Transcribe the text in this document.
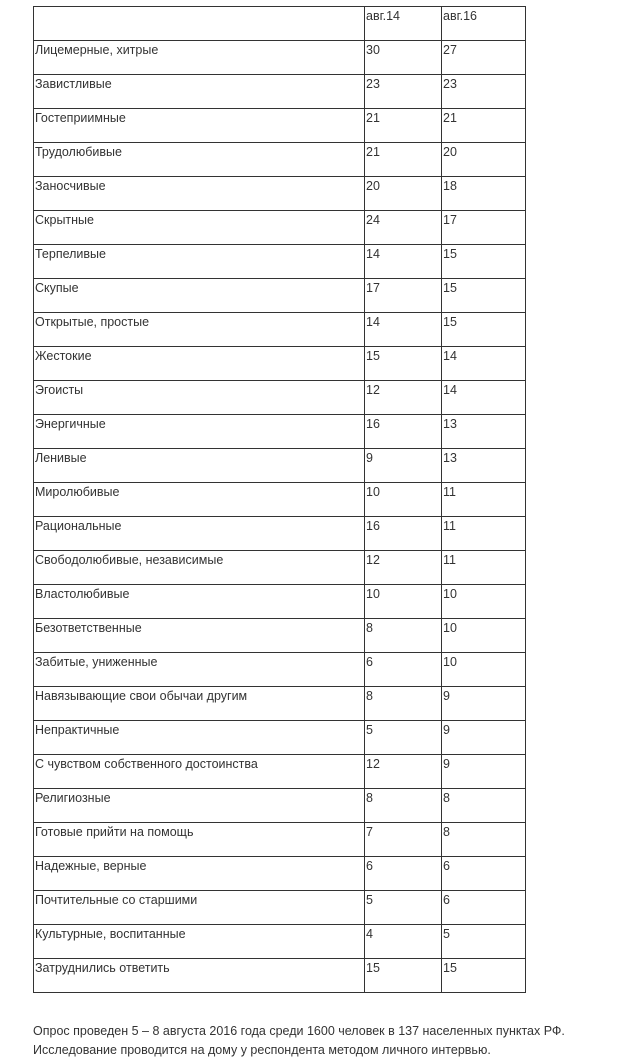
	авг.14	авг.16

Лицемерные, хитрые	30	27

Завистливые	23	23

Гостеприимные	21	21

Трудолюбивые	21	20

Заносчивые	20	18

Скрытные	24	17

Терпеливые	14	15

Скупые	17	15

Открытые, простые	14	15

Жестокие	15	14

Эгоисты	12	14

Энергичные	16	13

Ленивые	9	13

Миролюбивые	10	11

Рациональные	16	11

Свободолюбивые, независимые	12	11

Властолюбивые	10	10

Безответственные	8	10

Забитые, униженные	6	10

Навязывающие свои обычаи другим	8	9

Непрактичные	5	9

С чувством собственного достоинства	12	9

Религиозные	8	8

Готовые прийти на помощь	7	8

Надежные, верные	6	6

Почтительные со старшими	5	6

Культурные, воспитанные	4	5

Затруднились ответить	15	15
Опрос проведен 5 – 8 августа 2016 года среди 1600 человек в 137 населенных пунктах РФ.
Исследование проводится на дому у респондента методом личного интервью.
